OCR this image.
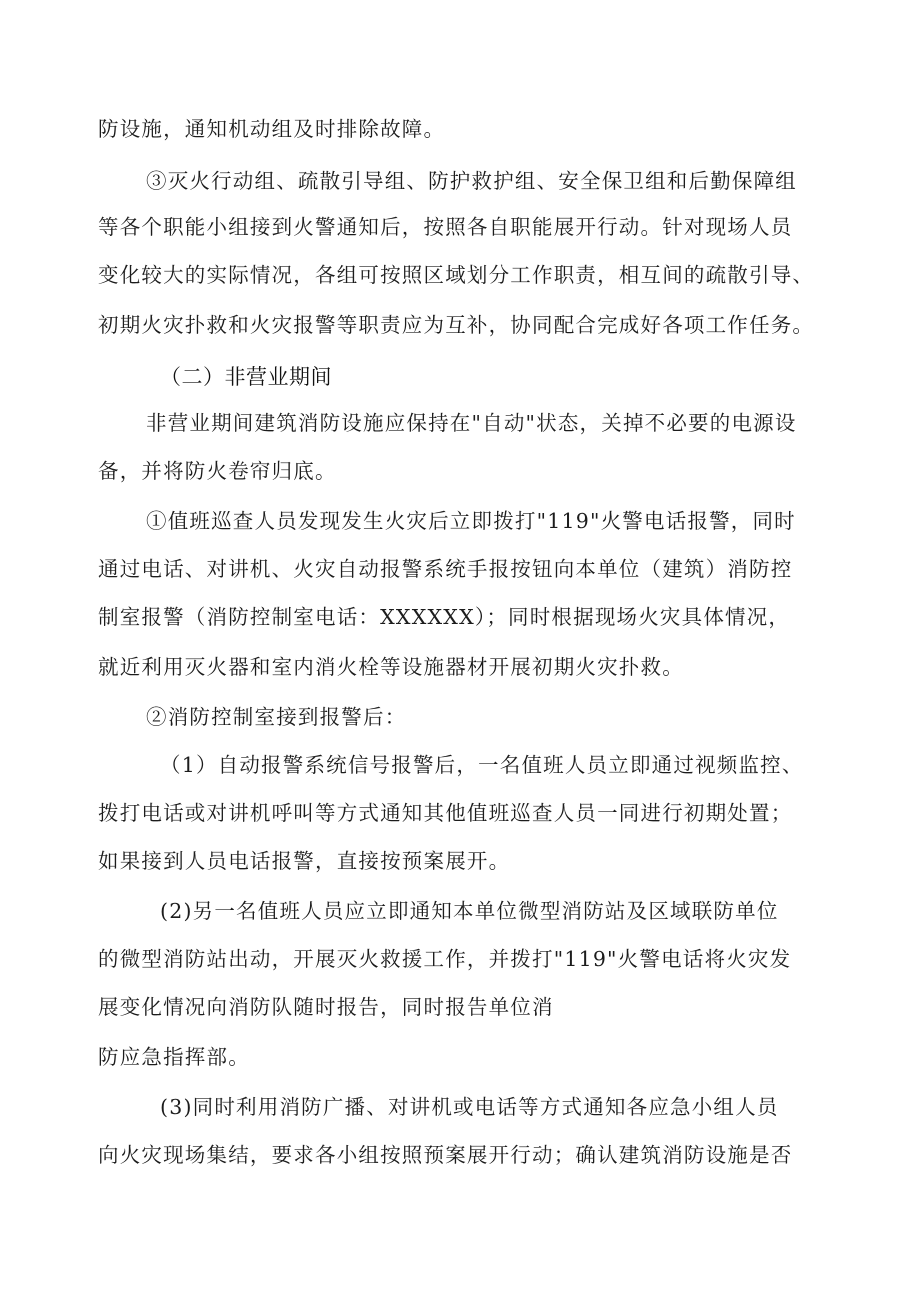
防设施，通知机动组及时排除故障。
③灭火行动组、疏散引导组、防护救护组、安全保卫组和后勤保障组
等各个职能小组接到火警通知后，按照各自职能展开行动。针对现场人员
变化较大的实际情况，各组可按照区域划分工作职责，相互间的疏散引导、
初期火灾扑救和火灾报警等职责应为互补，协同配合完成好各项工作任务。
（二）非营业期间
非营业期间建筑消防设施应保持在"自动"状态，关掉不必要的电源设
备，并将防火卷帘归底。
①值班巡查人员发现发生火灾后立即拨打"119"火警电话报警，同时
通过电话、对讲机、火灾自动报警系统手报按钮向本单位（建筑）消防控
制室报警（消防控制室电话：XXXXXX）；同时根据现场火灾具体情况，
就近利用灭火器和室内消火栓等设施器材开展初期火灾扑救。
②消防控制室接到报警后：
（1）自动报警系统信号报警后，一名值班人员立即通过视频监控、
拨打电话或对讲机呼叫等方式通知其他值班巡查人员一同进行初期处置；
如果接到人员电话报警，直接按预案展开。
(2)另一名值班人员应立即通知本单位微型消防站及区域联防单位
的微型消防站出动，开展灭火救援工作，并拨打"119"火警电话将火灾发
展变化情况向消防队随时报告，同时报告单位消
防应急指挥部。
(3)同时利用消防广播、对讲机或电话等方式通知各应急小组人员
向火灾现场集结，要求各小组按照预案展开行动；确认建筑消防设施是否
